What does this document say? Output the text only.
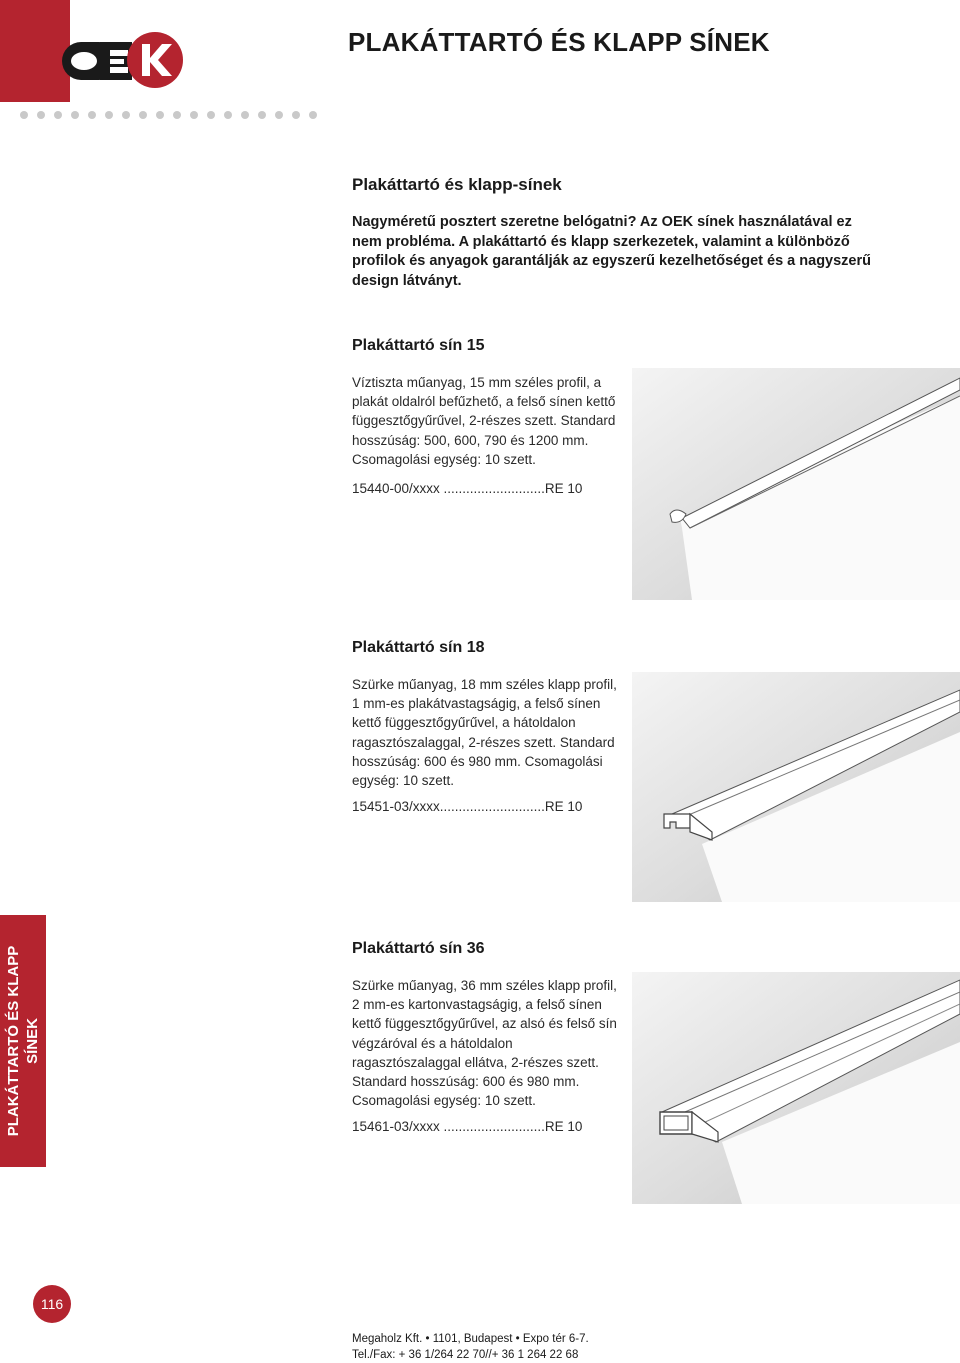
PLAKÁTTARTÓ ÉS KLAPP SÍNEK
Plakáttartó és klapp-sínek

Nagyméretű posztert szeretne belógatni? Az OEK sínek használatával ez nem probléma. A plakáttartó és klapp szerkezetek, valamint a különböző profilok és anyagok garantálják az egyszerű kezelhetőséget és a nagyszerű design látványt.

Plakáttartó sín 15

Víztiszta műanyag, 15 mm széles profil, a plakát oldalról befűzhető, a felső sínen kettő függesztőgyűrűvel, 2-részes szett. Standard hosszúság: 500, 600, 790 és 1200 mm. Csomagolási egység: 10 szett.

15440-00/xxxx ...........................RE 10

Plakáttartó sín 18

Szürke műanyag, 18 mm széles klapp profil, 1 mm-es plakátvastagságig, a felső sínen kettő függesztőgyűrűvel, a hátoldalon ragasztószalaggal, 2-részes szett. Standard hosszúság: 600 és 980 mm. Csomagolási egység: 10 szett.

15451-03/xxxx............................RE 10

Plakáttartó sín 36

Szürke műanyag, 36 mm széles klapp profil, 2 mm-es kartonvastagságig, a felső sínen kettő függesztőgyűrűvel, az alsó és felső sín végzáróval és a hátoldalon ragasztószalaggal ellátva, 2-részes szett. Standard hosszúság: 600 és 980 mm. Csomagolási egység: 10 szett.

15461-03/xxxx ...........................RE 10

PLAKÁTTARTÓ ÉS KLAPP SÍNEK
116
Megaholz Kft. • 1101, Budapest • Expo tér 6-7.
Tel./Fax: + 36 1/264 22 70//+ 36 1 264 22 68
